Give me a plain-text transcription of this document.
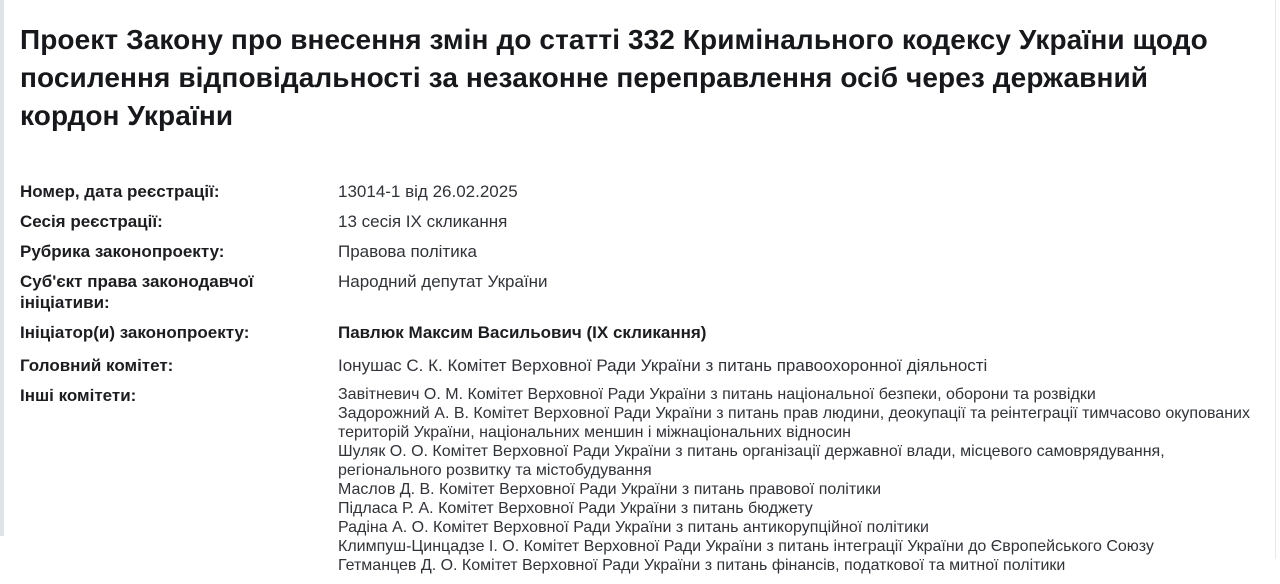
Проект Закону про внесення змін до статті 332 Кримінального кодексу України щодо
посилення відповідальності за незаконне переправлення осіб через державний
кордон України
Номер, дата реєстрації:	13014-1 від 26.02.2025
Сесія реєстрації:	13 сесія IX скликання
Рубрика законопроекту:	Правова політика
Суб'єкт права законодавчої ініціативи:
Народний депутат України
Ініціатор(и) законопроекту:	Павлюк Максим Васильович (IX скликання)
Головний комітет:	Іонушас С. К. Комітет Верховної Ради України з питань правоохоронної діяльності
Інші комітети:	Завітневич О. М. Комітет Верховної Ради України з питань національної безпеки, оборони та розвідки
Задорожний А. В. Комітет Верховної Ради України з питань прав людини, деокупації та реінтеграції тимчасово окупованих територій України, національних меншин і міжнаціональних відносин
Шуляк О. О. Комітет Верховної Ради України з питань організації державної влади, місцевого самоврядування, регіонального розвитку та містобудування
Маслов Д. В. Комітет Верховної Ради України з питань правової політики
Підласа Р. А. Комітет Верховної Ради України з питань бюджету
Радіна А. О. Комітет Верховної Ради України з питань антикорупційної політики
Климпуш-Цинцадзе І. О. Комітет Верховної Ради України з питань інтеграції України до Європейського Союзу
Гетманцев Д. О. Комітет Верховної Ради України з питань фінансів, податкової та митної політики
